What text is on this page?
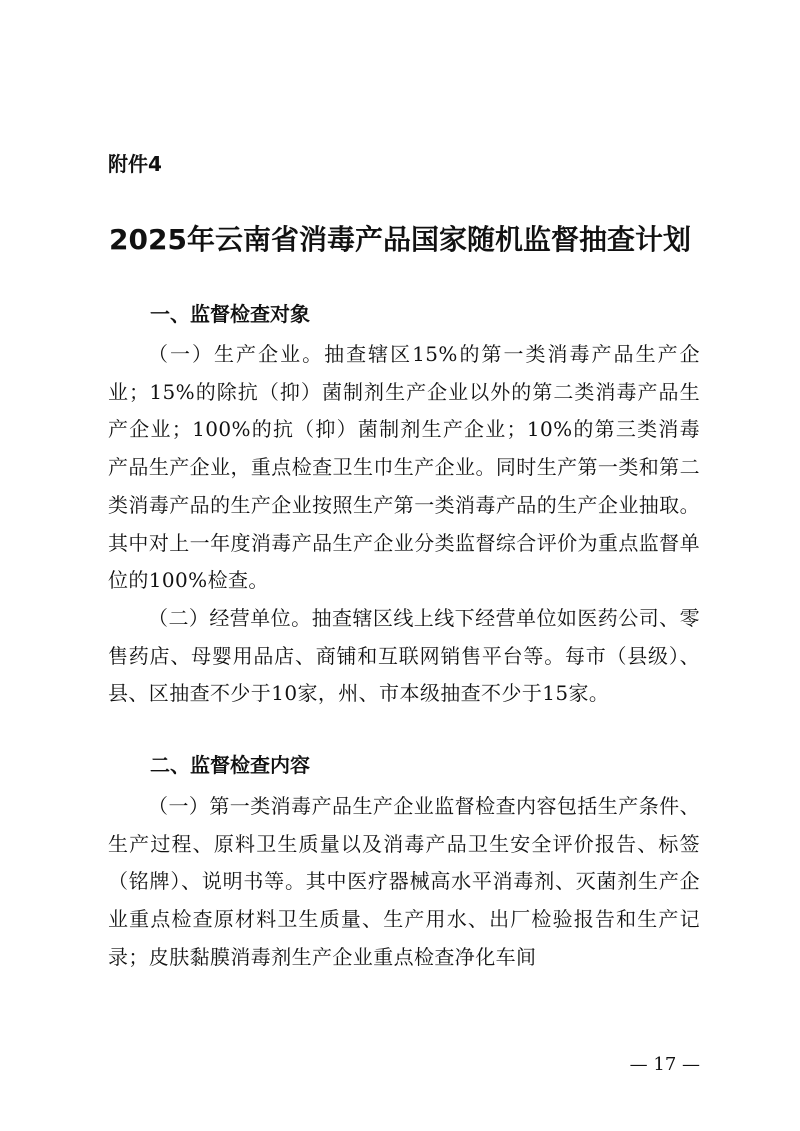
附件4
2025年云南省消毒产品国家随机监督抽查计划
一、监督检查对象

（一）生产企业。抽查辖区15%的第一类消毒产品生产企业；15%的除抗（抑）菌制剂生产企业以外的第二类消毒产品生产企业；100%的抗（抑）菌制剂生产企业；10%的第三类消毒产品生产企业，重点检查卫生巾生产企业。同时生产第一类和第二类消毒产品的生产企业按照生产第一类消毒产品的生产企业抽取。其中对上一年度消毒产品生产企业分类监督综合评价为重点监督单位的100%检查。

（二）经营单位。抽查辖区线上线下经营单位如医药公司、零售药店、母婴用品店、商铺和互联网销售平台等。每市（县级）、县、区抽查不少于10家，州、市本级抽查不少于15家。

二、监督检查内容

（一）第一类消毒产品生产企业监督检查内容包括生产条件、生产过程、原料卫生质量以及消毒产品卫生安全评价报告、标签（铭牌）、说明书等。其中医疗器械高水平消毒剂、灭菌剂生产企业重点检查原材料卫生质量、生产用水、出厂检验报告和生产记录；皮肤黏膜消毒剂生产企业重点检查净化车间

— 17 —
